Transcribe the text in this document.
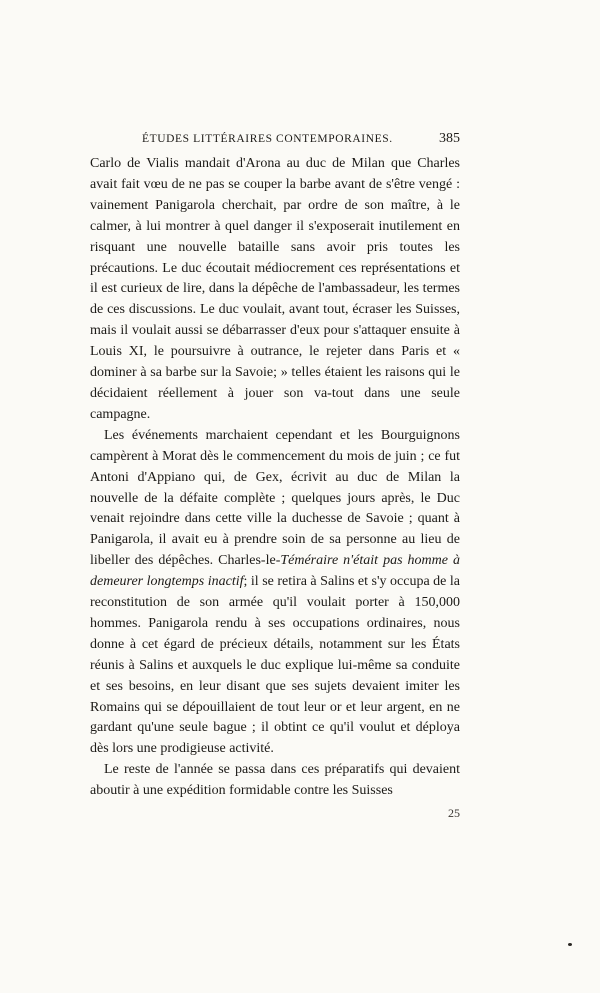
ÉTUDES LITTÉRAIRES CONTEMPORAINES.	385

Carlo de Vialis mandait d'Arona au duc de Milan que Charles avait fait vœu de ne pas se couper la barbe avant de s'être vengé : vainement Panigarola cherchait, par ordre de son maître, à le calmer, à lui montrer à quel danger il s'exposerait inutilement en risquant une nouvelle bataille sans avoir pris toutes les précautions. Le duc écoutait médiocrement ces représentations et il est curieux de lire, dans la dépêche de l'ambassadeur, les termes de ces discussions. Le duc voulait, avant tout, écraser les Suisses, mais il voulait aussi se débarrasser d'eux pour s'attaquer ensuite à Louis XI, le poursuivre à outrance, le rejeter dans Paris et « dominer à sa barbe sur la Savoie; » telles étaient les raisons qui le décidaient réellement à jouer son va-tout dans une seule campagne.

Les événements marchaient cependant et les Bourguignons campèrent à Morat dès le commencement du mois de juin ; ce fut Antoni d'Appiano qui, de Gex, écrivit au duc de Milan la nouvelle de la défaite complète ; quelques jours après, le Duc venait rejoindre dans cette ville la duchesse de Savoie ; quant à Panigarola, il avait eu à prendre soin de sa personne au lieu de libeller des dépêches. Charles-le-Téméraire n'était pas homme à demeurer longtemps inactif; il se retira à Salins et s'y occupa de la reconstitution de son armée qu'il voulait porter à 150,000 hommes. Panigarola rendu à ses occupations ordinaires, nous donne à cet égard de précieux détails, notamment sur les États réunis à Salins et auxquels le duc explique lui-même sa conduite et ses besoins, en leur disant que ses sujets devaient imiter les Romains qui se dépouillaient de tout leur or et leur argent, en ne gardant qu'une seule bague ; il obtint ce qu'il voulut et déploya dès lors une prodigieuse activité.

Le reste de l'année se passa dans ces préparatifs qui devaient aboutir à une expédition formidable contre les Suisses

25
